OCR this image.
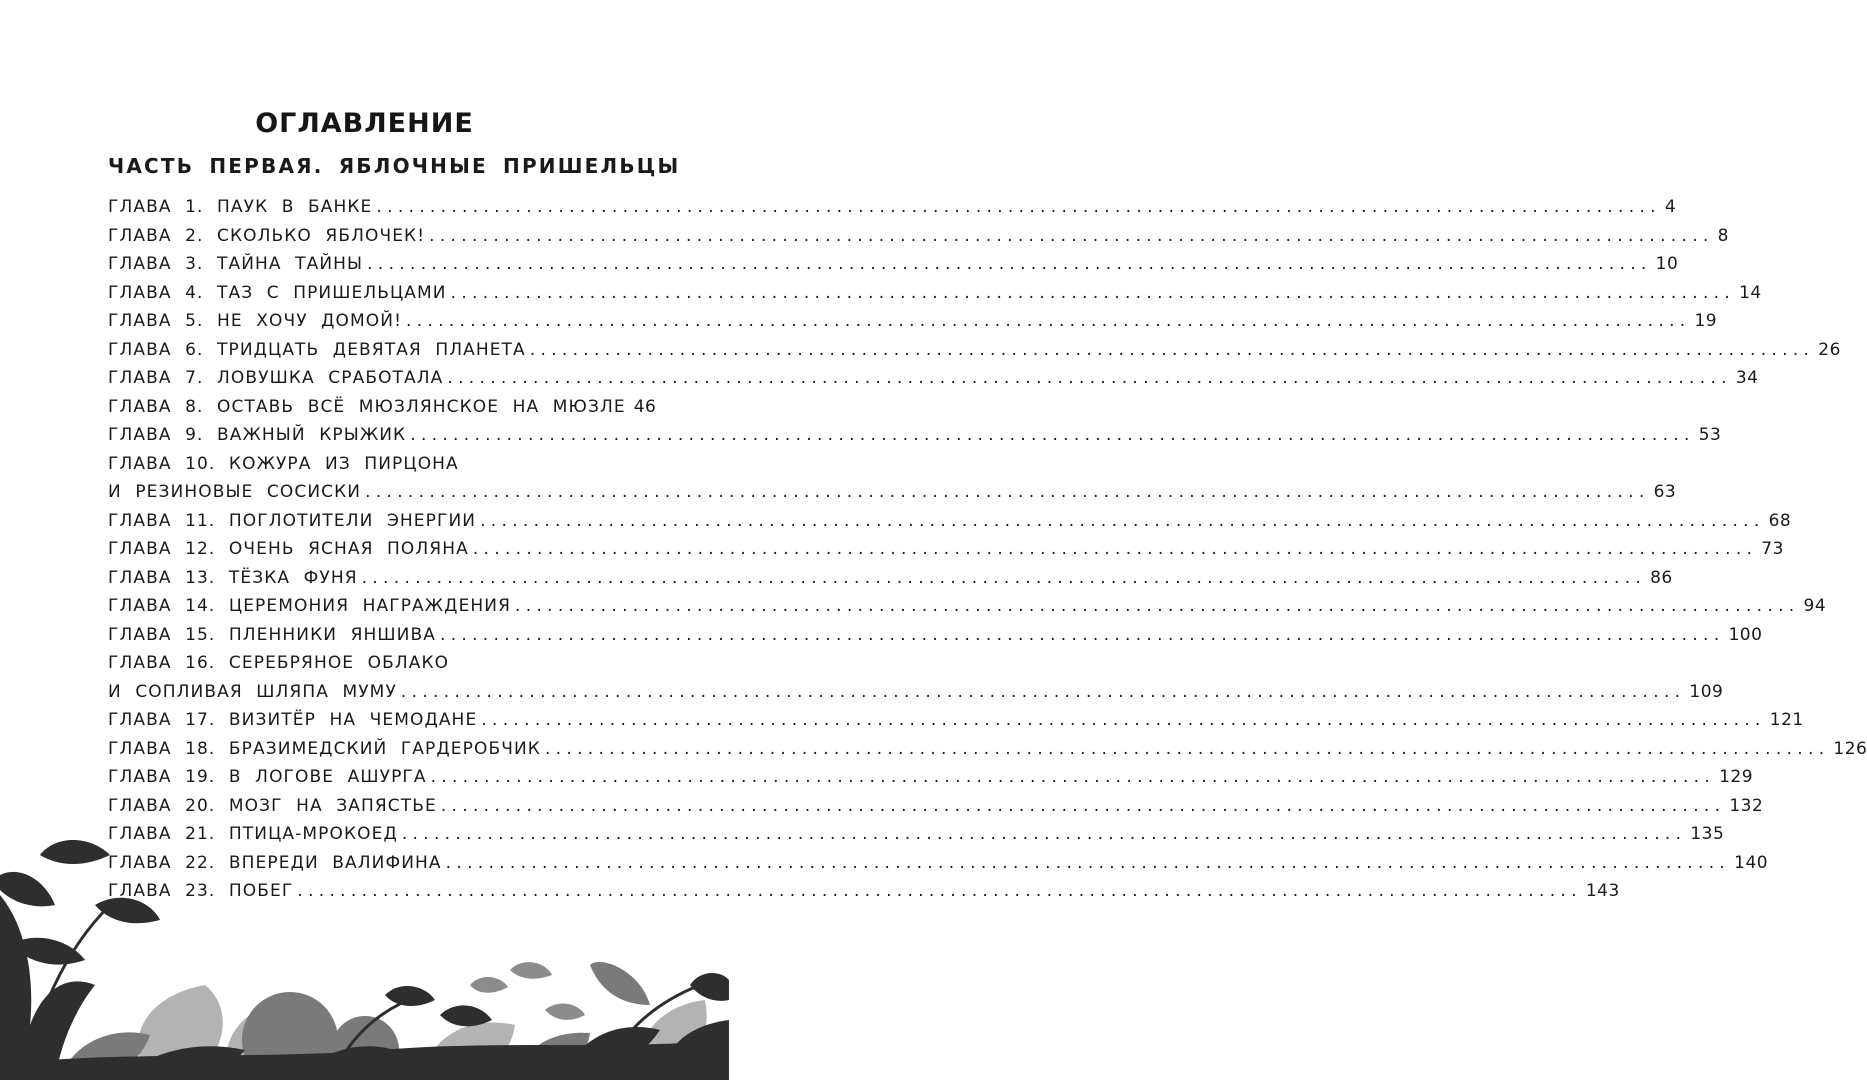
ОГЛАВЛЕНИЕ
ЧАСТЬ ПЕРВАЯ. ЯБЛОЧНЫЕ ПРИШЕЛЬЦЫ
ГЛАВА 1. ПАУК В БАНКЕ ........................................................................................................................ 4
ГЛАВА 2. СКОЛЬКО ЯБЛОЧЕК! ........................................................................................................................ 8
ГЛАВА 3. ТАЙНА ТАЙНЫ ........................................................................................................................ 10
ГЛАВА 4. ТАЗ С ПРИШЕЛЬЦАМИ ........................................................................................................................ 14
ГЛАВА 5. НЕ ХОЧУ ДОМОЙ! ........................................................................................................................ 19
ГЛАВА 6. ТРИДЦАТЬ ДЕВЯТАЯ ПЛАНЕТА ........................................................................................................................ 26
ГЛАВА 7. ЛОВУШКА СРАБОТАЛА ........................................................................................................................ 34
ГЛАВА 8. ОСТАВЬ ВСЁ МЮЗЛЯНСКОЕ НА МЮЗЛЕ 46
ГЛАВА 9. ВАЖНЫЙ КРЫЖИК ........................................................................................................................ 53
ГЛАВА 10. КОЖУРА ИЗ ПИРЦОНА
И РЕЗИНОВЫЕ СОСИСКИ ........................................................................................................................ 63
ГЛАВА 11. ПОГЛОТИТЕЛИ ЭНЕРГИИ ........................................................................................................................ 68
ГЛАВА 12. ОЧЕНЬ ЯСНАЯ ПОЛЯНА ........................................................................................................................ 73
ГЛАВА 13. ТЁЗКА ФУНЯ ........................................................................................................................ 86
ГЛАВА 14. ЦЕРЕМОНИЯ НАГРАЖДЕНИЯ ........................................................................................................................ 94
ГЛАВА 15. ПЛЕННИКИ ЯНШИВА ........................................................................................................................ 100
ГЛАВА 16. СЕРЕБРЯНОЕ ОБЛАКО
И СОПЛИВАЯ ШЛЯПА МУМУ ........................................................................................................................ 109
ГЛАВА 17. ВИЗИТЁР НА ЧЕМОДАНЕ ........................................................................................................................ 121
ГЛАВА 18. БРАЗИМЕДСКИЙ ГАРДЕРОБЧИК ........................................................................................................................ 126
ГЛАВА 19. В ЛОГОВЕ АШУРГА ........................................................................................................................ 129
ГЛАВА 20. МОЗГ НА ЗАПЯСТЬЕ ........................................................................................................................ 132
ГЛАВА 21. ПТИЦА-МРОКОЕД ........................................................................................................................ 135
ГЛАВА 22. ВПЕРЕДИ ВАЛИФИНА ........................................................................................................................ 140
ГЛАВА 23. ПОБЕГ ........................................................................................................................ 143
